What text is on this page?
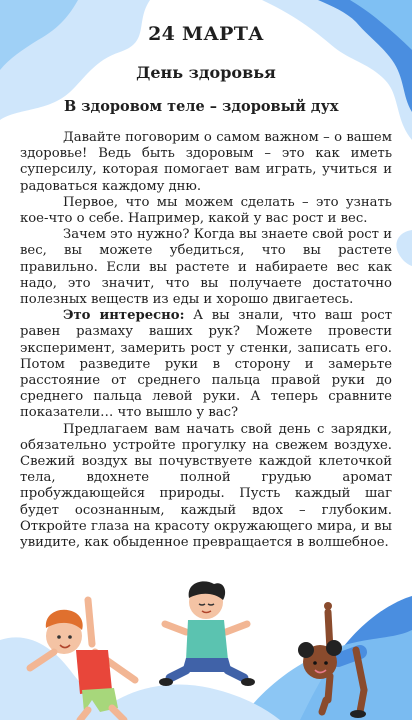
24 МАРТА
День здоровья
В здоровом теле – здоровый дух

Давайте поговорим о самом важном – о вашем здоровье! Ведь быть здоровым – это как иметь суперсилу, которая помогает вам играть, учиться и радоваться каждому дню.

Первое, что мы можем сделать – это узнать кое-что о себе. Например, какой у вас рост и вес.

Зачем это нужно? Когда вы знаете свой рост и вес, вы можете убедиться, что вы растете правильно. Если вы растете и набираете вес как надо, это значит, что вы получаете достаточно полезных веществ из еды и хорошо двигаетесь.

Это интересно: А вы знали, что ваш рост равен размаху ваших рук? Можете провести эксперимент, замерить рост у стенки, записать его. Потом разведите руки в сторону и замерьте расстояние от среднего пальца правой руки до среднего пальца левой руки. А теперь сравните показатели… что вышло у вас?

Предлагаем вам начать свой день с зарядки, обязательно устройте прогулку на свежем воздухе. Свежий воздух вы почувствуете каждой клеточкой тела, вдохнете полной грудью аромат пробуждающейся природы. Пусть каждый шаг будет осознанным, каждый вдох – глубоким. Откройте глаза на красоту окружающего мира, и вы увидите, как обыденное превращается в волшебное.
